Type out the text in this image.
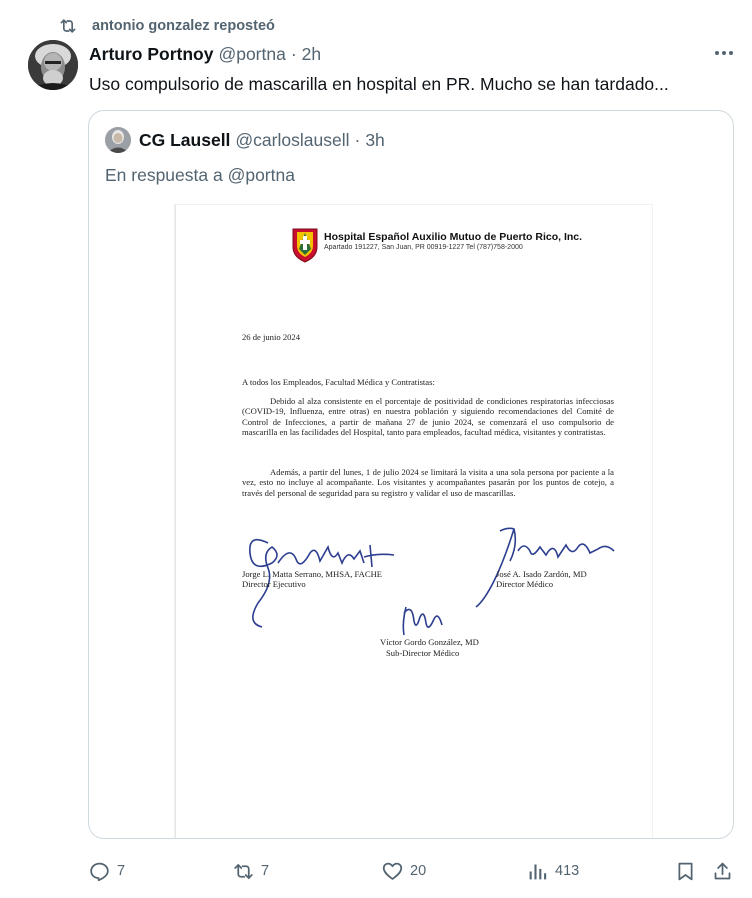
antonio gonzalez reposteó
Arturo Portnoy @portna · 2h
Uso compulsorio de mascarilla en hospital en PR. Mucho se han tardado...
CG Lausell @carloslausell · 3h
En respuesta a @portna
Hospital Español Auxilio Mutuo de Puerto Rico, Inc.
Apartado 191227, San Juan, PR 00919-1227 Tel (787)758-2000
26 de junio 2024
A todos los Empleados, Facultad Médica y Contratistas:

Debido al alza consistente en el porcentaje de positividad de condiciones respiratorias infecciosas (COVID-19, Influenza, entre otras) en nuestra población y siguiendo recomendaciones del Comité de Control de Infecciones, a partir de mañana 27 de junio 2024, se comenzará el uso compulsorio de mascarilla en las facilidades del Hospital, tanto para empleados, facultad médica, visitantes y contratistas.

Además, a partir del lunes, 1 de julio 2024 se limitará la visita a una sola persona por paciente a la vez, esto no incluye al acompañante. Los visitantes y acompañantes pasarán por los puntos de cotejo, a través del personal de seguridad para su registro y validar el uso de mascarillas.

Jorge L. Matta Serrano, MHSA, FACHE
Director Ejecutivo
José A. Isado Zardón, MD
Director Médico
Víctor Gordo González, MD
Sub-Director Médico
7	7	20	413
